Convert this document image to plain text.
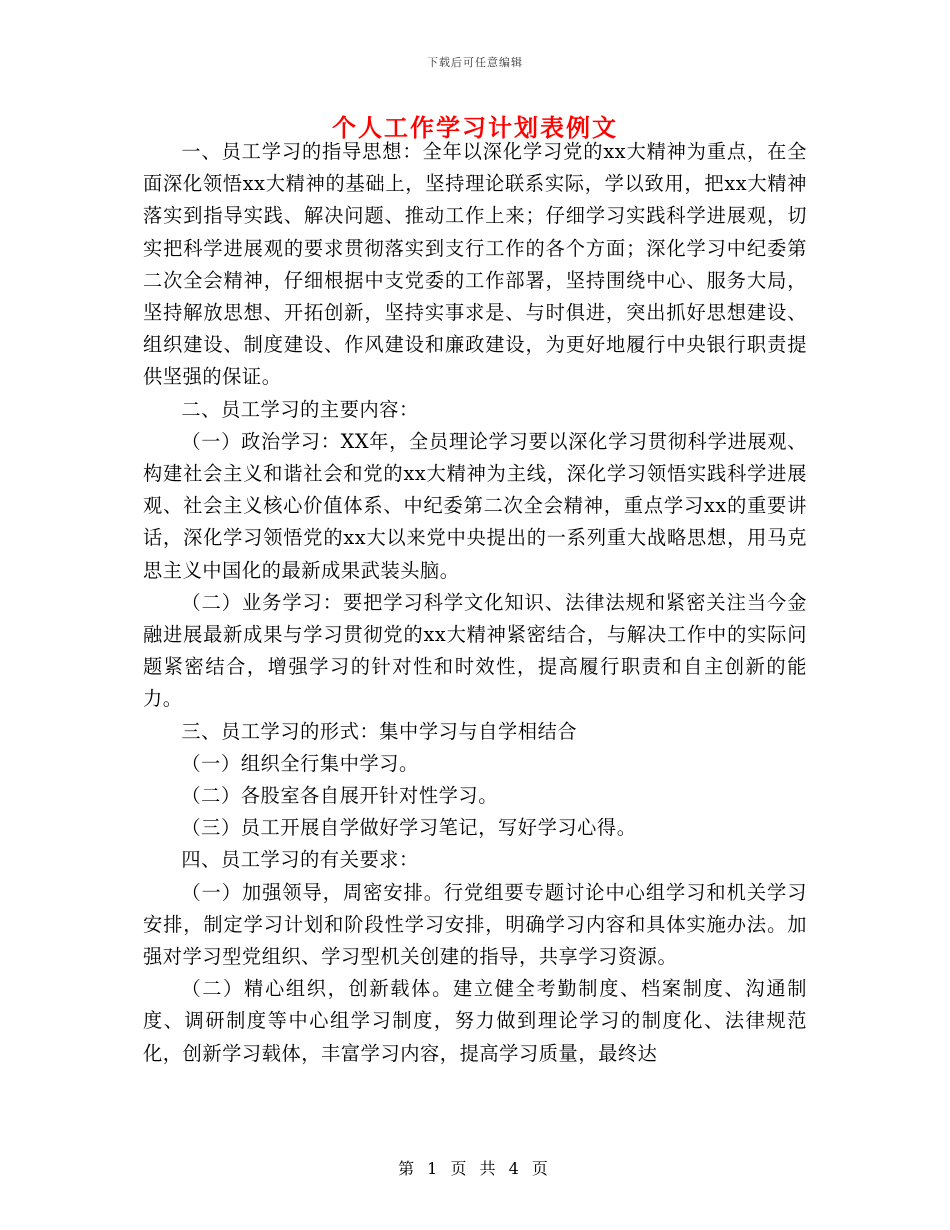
下载后可任意编辑
个人工作学习计划表例文

一、员工学习的指导思想：全年以深化学习党的xx大精神为重点，在全面深化领悟xx大精神的基础上，坚持理论联系实际，学以致用，把xx大精神落实到指导实践、解决问题、推动工作上来；仔细学习实践科学进展观，切实把科学进展观的要求贯彻落实到支行工作的各个方面；深化学习中纪委第二次全会精神，仔细根据中支党委的工作部署，坚持围绕中心、服务大局，坚持解放思想、开拓创新，坚持实事求是、与时俱进，突出抓好思想建设、组织建设、制度建设、作风建设和廉政建设，为更好地履行中央银行职责提供坚强的保证。

二、员工学习的主要内容：

（一）政治学习：XX年，全员理论学习要以深化学习贯彻科学进展观、构建社会主义和谐社会和党的xx大精神为主线，深化学习领悟实践科学进展观、社会主义核心价值体系、中纪委第二次全会精神，重点学习xx的重要讲话，深化学习领悟党的xx大以来党中央提出的一系列重大战略思想，用马克思主义中国化的最新成果武装头脑。

（二）业务学习：要把学习科学文化知识、法律法规和紧密关注当今金融进展最新成果与学习贯彻党的xx大精神紧密结合，与解决工作中的实际问题紧密结合，增强学习的针对性和时效性，提高履行职责和自主创新的能力。

三、员工学习的形式：集中学习与自学相结合

（一）组织全行集中学习。

（二）各股室各自展开针对性学习。

（三）员工开展自学做好学习笔记，写好学习心得。

四、员工学习的有关要求：

（一）加强领导，周密安排。行党组要专题讨论中心组学习和机关学习安排，制定学习计划和阶段性学习安排，明确学习内容和具体实施办法。加强对学习型党组织、学习型机关创建的指导，共享学习资源。

（二）精心组织，创新载体。建立健全考勤制度、档案制度、沟通制度、调研制度等中心组学习制度，努力做到理论学习的制度化、法律规范化，创新学习载体，丰富学习内容，提高学习质量，最终达

第 1 页 共 4 页
